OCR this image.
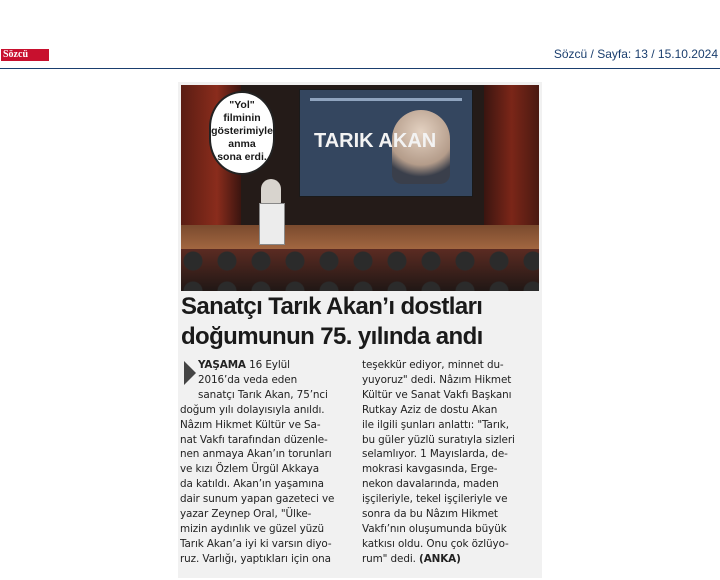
Sözcü	Sözcü / Sayfa: 13 / 15.10.2024
TARIK AKAN
"Yol"
filminin
gösterimiyle
anma
sona erdi.
Sanatçı Tarık Akan’ı dostları
doğumunun 75. yılında andı
YAŞAMA 16 Eylül
2016’da veda eden
sanatçı Tarık Akan, 75’nci
doğum yılı dolayısıyla anıldı.
Nâzım Hikmet Kültür ve Sa-
nat Vakfı tarafından düzenle-
nen anmaya Akan’ın torunları
ve kızı Özlem Ürgül Akkaya
da katıldı. Akan’ın yaşamına
dair sunum yapan gazeteci ve
yazar Zeynep Oral, "Ülke-
mizin aydınlık ve güzel yüzü
Tarık Akan’a iyi ki varsın diyo-
ruz. Varlığı, yaptıkları için ona
teşekkür ediyor, minnet du-
yuyoruz" dedi. Nâzım Hikmet
Kültür ve Sanat Vakfı Başkanı
Rutkay Aziz de dostu Akan
ile ilgili şunları anlattı: "Tarık,
bu güler yüzlü suratıyla sizleri
selamlıyor. 1 Mayıslarda, de-
mokrasi kavgasında, Erge-
nekon davalarında, maden
işçileriyle, tekel işçileriyle ve
sonra da bu Nâzım Hikmet
Vakfı’nın oluşumunda büyük
katkısı oldu. Onu çok özlüyo-
rum" dedi. (ANKA)
